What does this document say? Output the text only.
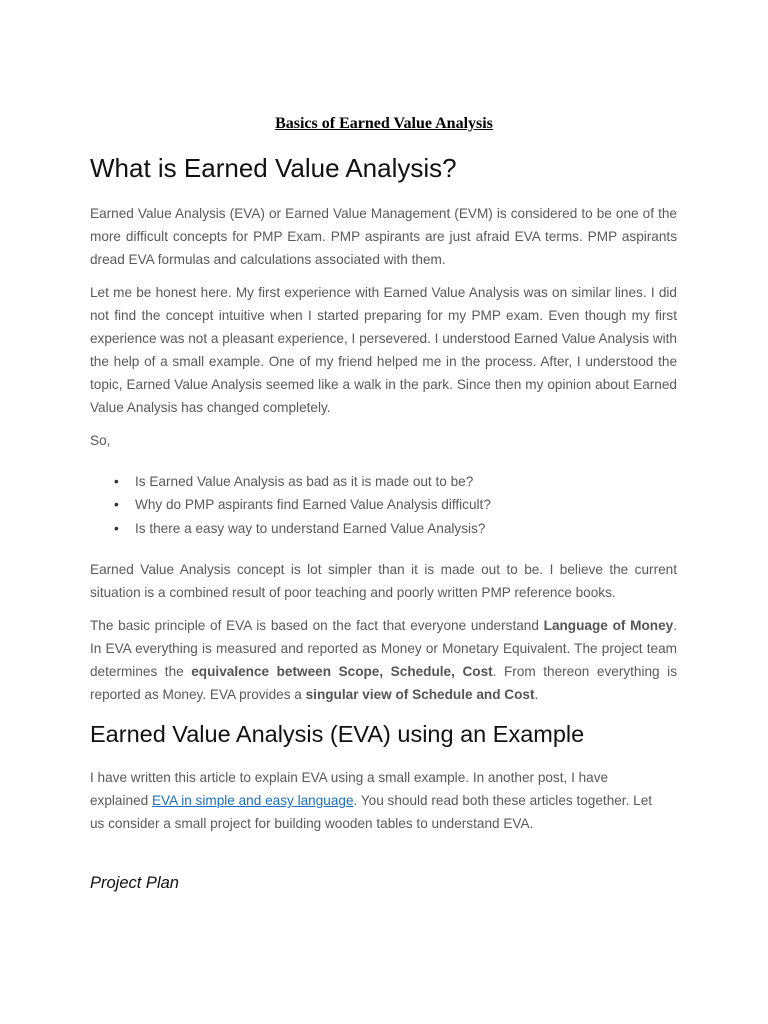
Basics of Earned Value Analysis
What is Earned Value Analysis?
Earned Value Analysis (EVA) or Earned Value Management (EVM) is considered to be one of the more difficult concepts for PMP Exam. PMP aspirants are just afraid EVA terms. PMP aspirants dread EVA formulas and calculations associated with them.
Let me be honest here. My first experience with Earned Value Analysis was on similar lines. I did not find the concept intuitive when I started preparing for my PMP exam. Even though my first experience was not a pleasant experience, I persevered. I understood Earned Value Analysis with the help of a small example. One of my friend helped me in the process. After, I understood the topic, Earned Value Analysis seemed like a walk in the park. Since then my opinion about Earned Value Analysis has changed completely.
So,
• Is Earned Value Analysis as bad as it is made out to be?
• Why do PMP aspirants find Earned Value Analysis difficult?
• Is there a easy way to understand Earned Value Analysis?
Earned Value Analysis concept is lot simpler than it is made out to be. I believe the current situation is a combined result of poor teaching and poorly written PMP reference books.
The basic principle of EVA is based on the fact that everyone understand Language of Money. In EVA everything is measured and reported as Money or Monetary Equivalent. The project team determines the equivalence between Scope, Schedule, Cost. From thereon everything is reported as Money. EVA provides a singular view of Schedule and Cost.
Earned Value Analysis (EVA) using an Example
I have written this article to explain EVA using a small example. In another post, I have explained EVA in simple and easy language. You should read both these articles together. Let us consider a small project for building wooden tables to understand EVA.
Project Plan
